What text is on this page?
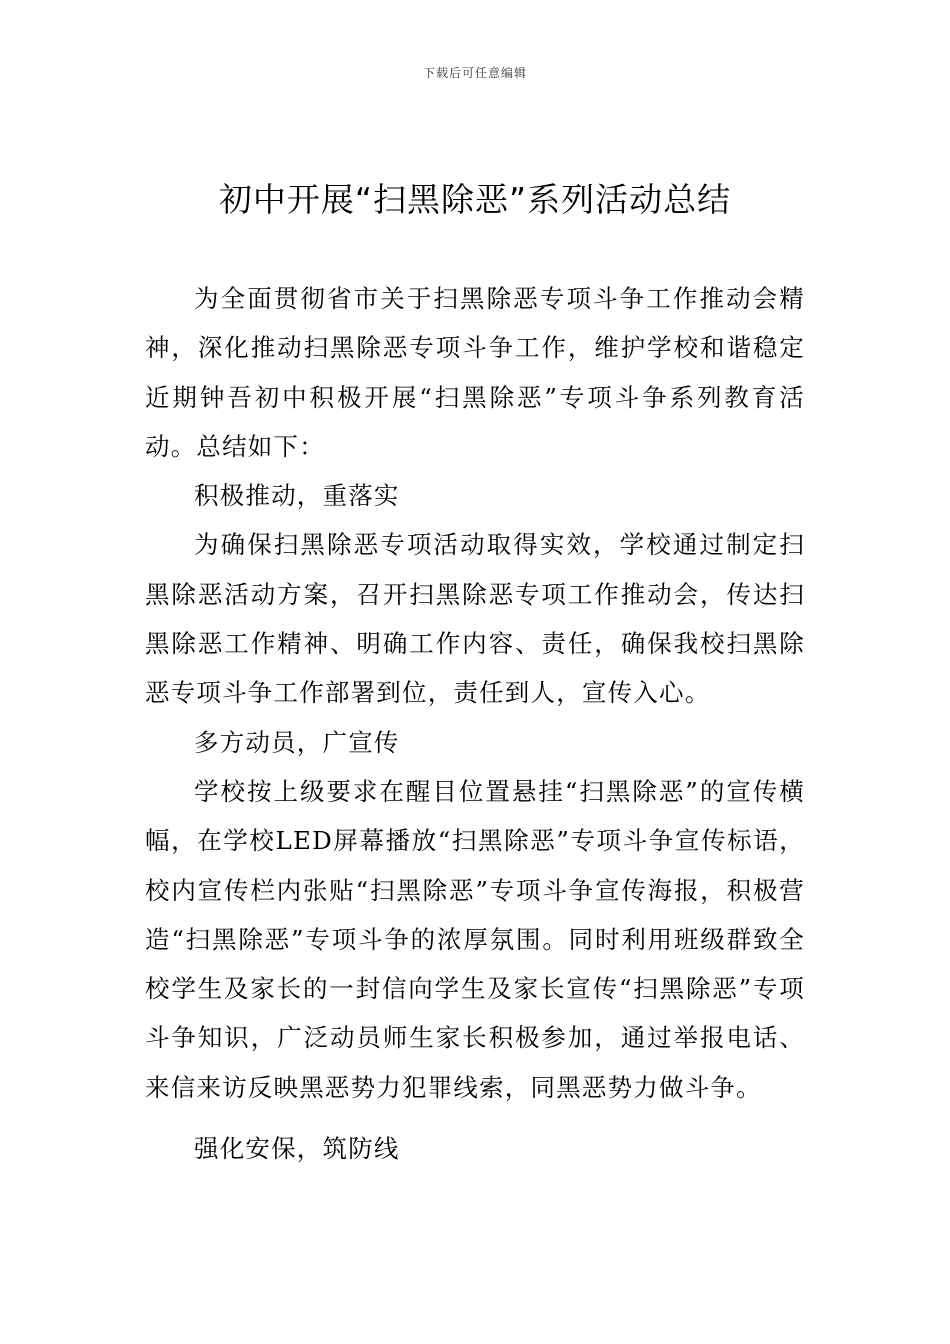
下载后可任意编辑
初中开展“扫黑除恶”系列活动总结

为全面贯彻省市关于扫黑除恶专项斗争工作推动会精神，深化推动扫黑除恶专项斗争工作，维护学校和谐稳定近期钟吾初中积极开展“扫黑除恶”专项斗争系列教育活动。总结如下：

积极推动，重落实

为确保扫黑除恶专项活动取得实效，学校通过制定扫黑除恶活动方案，召开扫黑除恶专项工作推动会，传达扫黑除恶工作精神、明确工作内容、责任，确保我校扫黑除恶专项斗争工作部署到位，责任到人，宣传入心。

多方动员，广宣传

学校按上级要求在醒目位置悬挂“扫黑除恶”的宣传横幅，在学校LED屏幕播放“扫黑除恶”专项斗争宣传标语，校内宣传栏内张贴“扫黑除恶”专项斗争宣传海报，积极营造“扫黑除恶”专项斗争的浓厚氛围。同时利用班级群致全校学生及家长的一封信向学生及家长宣传“扫黑除恶”专项斗争知识，广泛动员师生家长积极参加，通过举报电话、来信来访反映黑恶势力犯罪线索，同黑恶势力做斗争。

强化安保，筑防线
